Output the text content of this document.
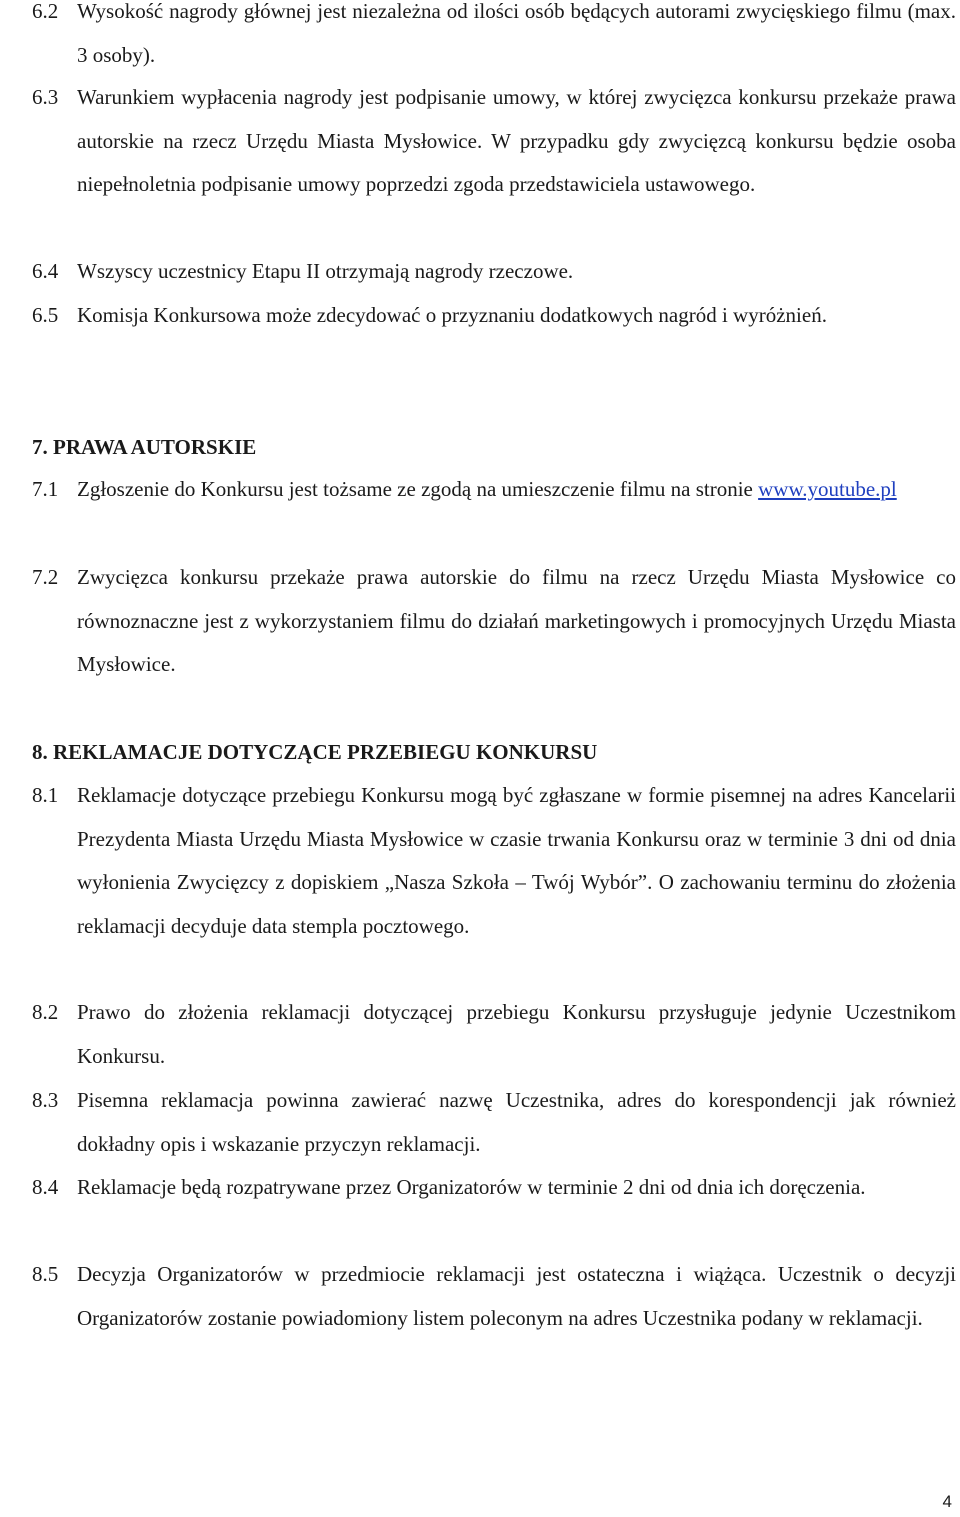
6.2 Wysokość nagrody głównej jest niezależna od ilości osób będących autorami zwycięskiego filmu (max. 3 osoby).
6.3 Warunkiem wypłacenia nagrody jest podpisanie umowy, w której zwycięzca konkursu przekaże prawa autorskie na rzecz Urzędu Miasta Mysłowice. W przypadku gdy zwycięzcą konkursu będzie osoba niepełnoletnia podpisanie umowy poprzedzi zgoda przedstawiciela ustawowego.
6.4 Wszyscy uczestnicy Etapu II otrzymają nagrody rzeczowe.
6.5 Komisja Konkursowa może zdecydować o przyznaniu dodatkowych nagród i wyróżnień.
7. PRAWA AUTORSKIE
7.1 Zgłoszenie do Konkursu jest tożsame ze zgodą na umieszczenie filmu na stronie www.youtube.pl
7.2 Zwycięzca konkursu przekaże prawa autorskie do filmu na rzecz Urzędu Miasta Mysłowice co równoznaczne jest z wykorzystaniem filmu do działań marketingowych i promocyjnych Urzędu Miasta Mysłowice.
8. REKLAMACJE DOTYCZĄCE PRZEBIEGU KONKURSU
8.1 Reklamacje dotyczące przebiegu Konkursu mogą być zgłaszane w formie pisemnej na adres Kancelarii Prezydenta Miasta Urzędu Miasta Mysłowice w czasie trwania Konkursu oraz w terminie 3 dni od dnia wyłonienia Zwycięzcy z dopiskiem „Nasza Szkoła – Twój Wybór”. O zachowaniu terminu do złożenia reklamacji decyduje data stempla pocztowego.
8.2 Prawo do złożenia reklamacji dotyczącej przebiegu Konkursu przysługuje jedynie Uczestnikom Konkursu.
8.3 Pisemna reklamacja powinna zawierać nazwę Uczestnika, adres do korespondencji jak również dokładny opis i wskazanie przyczyn reklamacji.
8.4 Reklamacje będą rozpatrywane przez Organizatorów w terminie 2 dni od dnia ich doręczenia.
8.5 Decyzja Organizatorów w przedmiocie reklamacji jest ostateczna i wiążąca. Uczestnik o decyzji Organizatorów zostanie powiadomiony listem poleconym na adres Uczestnika podany w reklamacji.
4
